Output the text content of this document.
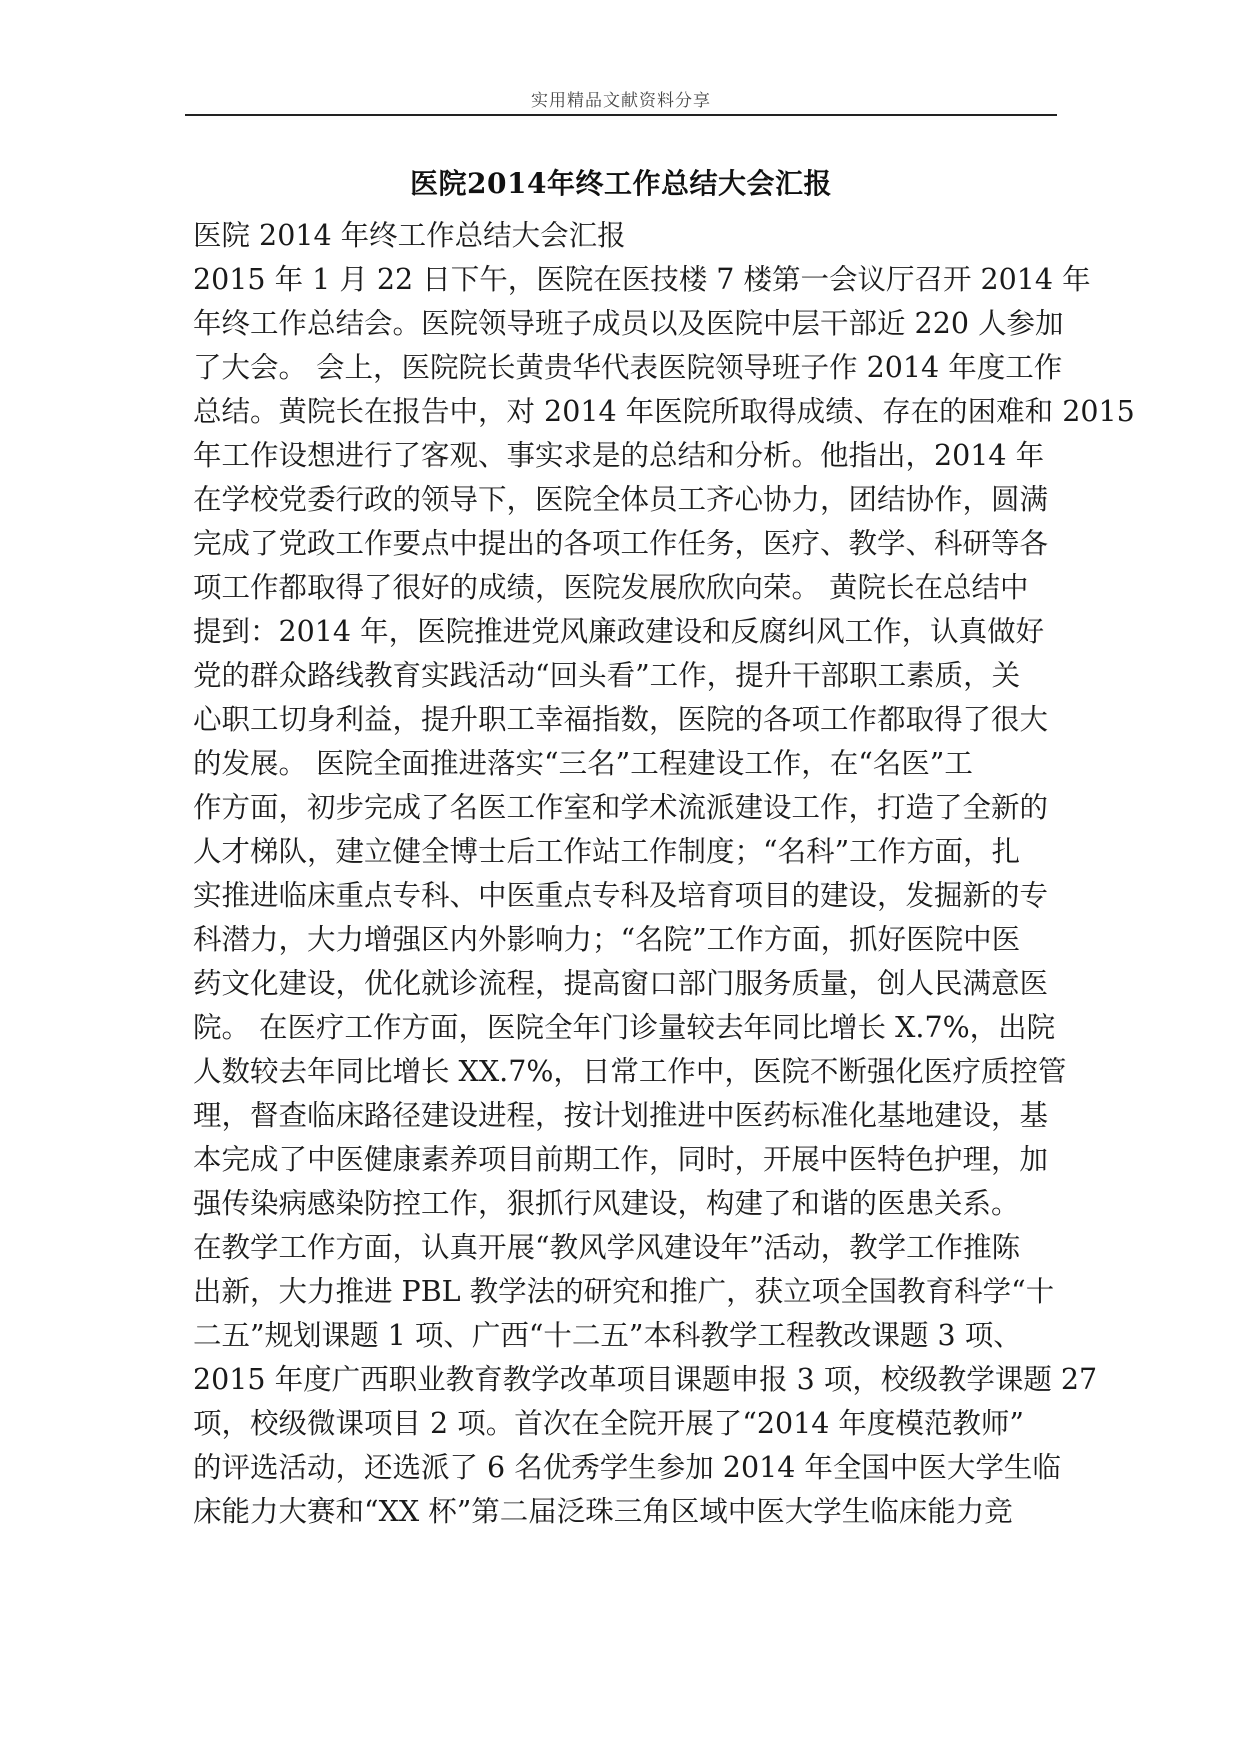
实用精品文献资料分享
医院2014年终工作总结大会汇报
医院 2014 年终工作总结大会汇报
2015 年 1 月 22 日下午，医院在医技楼 7 楼第一会议厅召开 2014 年
年终工作总结会。医院领导班子成员以及医院中层干部近 220 人参加
了大会。 会上，医院院长黄贵华代表医院领导班子作 2014 年度工作
总结。黄院长在报告中，对 2014 年医院所取得成绩、存在的困难和 2015
年工作设想进行了客观、事实求是的总结和分析。他指出，2014 年
在学校党委行政的领导下，医院全体员工齐心协力，团结协作，圆满
完成了党政工作要点中提出的各项工作任务，医疗、教学、科研等各
项工作都取得了很好的成绩，医院发展欣欣向荣。 黄院长在总结中
提到：2014 年，医院推进党风廉政建设和反腐纠风工作，认真做好
党的群众路线教育实践活动“回头看”工作，提升干部职工素质，关
心职工切身利益，提升职工幸福指数，医院的各项工作都取得了很大
的发展。 医院全面推进落实“三名”工程建设工作，在“名医”工
作方面，初步完成了名医工作室和学术流派建设工作，打造了全新的
人才梯队，建立健全博士后工作站工作制度；“名科”工作方面，扎
实推进临床重点专科、中医重点专科及培育项目的建设，发掘新的专
科潜力，大力增强区内外影响力；“名院”工作方面，抓好医院中医
药文化建设，优化就诊流程，提高窗口部门服务质量，创人民满意医
院。 在医疗工作方面，医院全年门诊量较去年同比增长 X.7%，出院
人数较去年同比增长 XX.7%，日常工作中，医院不断强化医疗质控管
理，督查临床路径建设进程，按计划推进中医药标准化基地建设，基
本完成了中医健康素养项目前期工作，同时，开展中医特色护理，加
强传染病感染防控工作，狠抓行风建设，构建了和谐的医患关系。
在教学工作方面，认真开展“教风学风建设年”活动，教学工作推陈
出新，大力推进 PBL 教学法的研究和推广，获立项全国教育科学“十
二五”规划课题 1 项、广西“十二五”本科教学工程教改课题 3 项、
2015 年度广西职业教育教学改革项目课题申报 3 项，校级教学课题 27
项，校级微课项目 2 项。首次在全院开展了“2014 年度模范教师”
的评选活动，还选派了 6 名优秀学生参加 2014 年全国中医大学生临
床能力大赛和“XX 杯”第二届泛珠三角区域中医大学生临床能力竞
